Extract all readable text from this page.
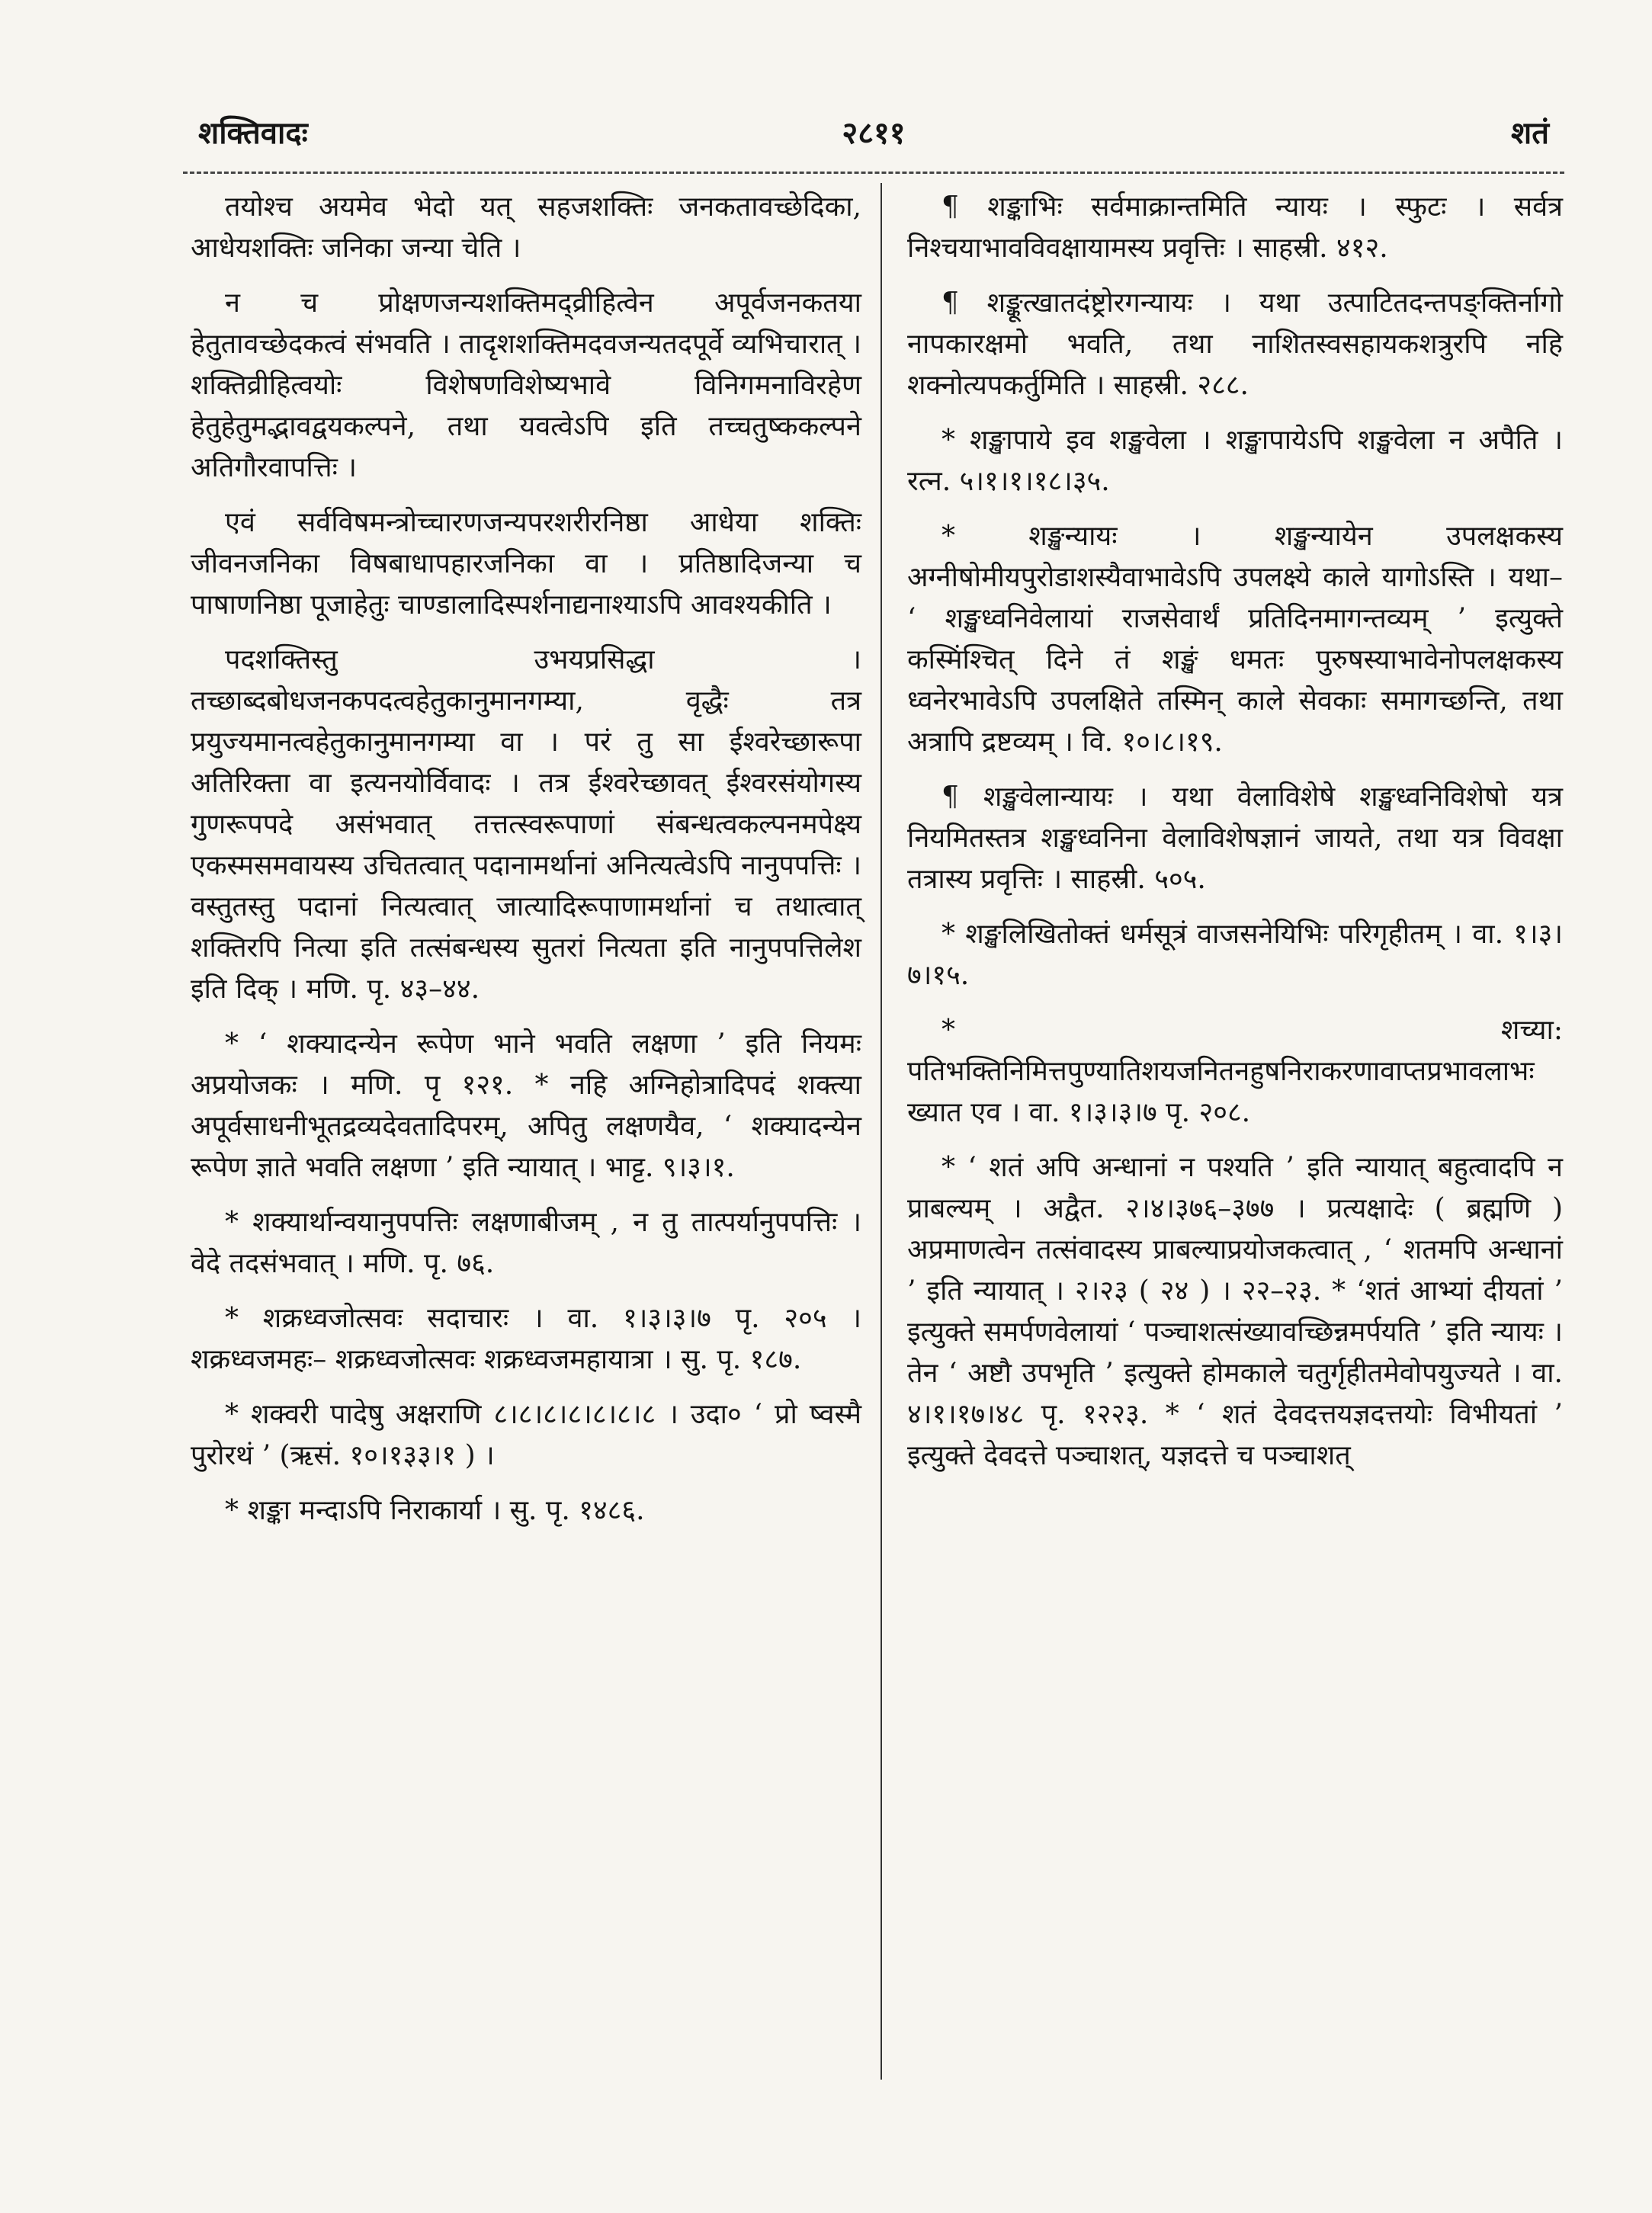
शक्तिवादः	२८११	शतं

तयोश्च अयमेव भेदो यत् सहजशक्तिः जनकतावच्छेदिका, आधेयशक्तिः जनिका जन्या चेति ।

न च प्रोक्षणजन्यशक्तिमद्व्रीहित्वेन अपूर्वजनकतया हेतुतावच्छेदकत्वं संभवति । तादृशशक्तिमदवजन्यतदपूर्वे व्यभिचारात् । शक्तिव्रीहित्वयोः विशेषणविशेष्यभावे विनिगमनाविरहेण हेतुहेतुमद्भावद्वयकल्पने, तथा यवत्वेऽपि इति तच्चतुष्ककल्पने अतिगौरवापत्तिः ।

एवं सर्वविषमन्त्रोच्चारणजन्यपरशरीरनिष्ठा आधेया शक्तिः जीवनजनिका विषबाधापहारजनिका वा । प्रतिष्ठादिजन्या च पाषाणनिष्ठा पूजाहेतुः चाण्डालादिस्पर्शनाद्यनाश्याऽपि आवश्यकीति ।

पदशक्तिस्तु उभयप्रसिद्धा । तच्छाब्दबोधजनकपदत्वहेतुकानुमानगम्या, वृद्धैः तत्र प्रयुज्यमानत्वहेतुकानुमानगम्या वा । परं तु सा ईश्वरेच्छारूपा अतिरिक्ता वा इत्यनयोर्विवादः । तत्र ईश्वरेच्छावत् ईश्वरसंयोगस्य गुणरूपपदे असंभवात् तत्तत्स्वरूपाणां संबन्धत्वकल्पनमपेक्ष्य एकस्मसमवायस्य उचितत्वात् पदानामर्थानां अनित्यत्वेऽपि नानुपपत्तिः । वस्तुतस्तु पदानां नित्यत्वात् जात्यादिरूपाणामर्थानां च तथात्वात् शक्तिरपि नित्या इति तत्संबन्धस्य सुतरां नित्यता इति नानुपपत्तिलेश इति दिक् । मणि. पृ. ४३–४४.

* ‘ शक्यादन्येन रूपेण भाने भवति लक्षणा ’ इति नियमः अप्रयोजकः । मणि. पृ १२१. * नहि अग्निहोत्रादिपदं शक्त्या अपूर्वसाधनीभूतद्रव्यदेवतादिपरम्, अपितु लक्षणयैव, ‘ शक्यादन्येन रूपेण ज्ञाते भवति लक्षणा ’ इति न्यायात् । भाट्ट. ९।३।१.

* शक्यार्थान्वयानुपपत्तिः लक्षणाबीजम् , न तु तात्पर्यानुपपत्तिः । वेदे तदसंभवात् । मणि. पृ. ७६.

* शक्रध्वजोत्सवः सदाचारः । वा. १।३।३।७ पृ. २०५ । शक्रध्वजमहः– शक्रध्वजोत्सवः शक्रध्वजमहायात्रा । सु. पृ. १८७.

* शक्वरी पादेषु अक्षराणि ८।८।८।८।८।८।८ । उदा० ‘ प्रो ष्वस्मै पुरोरथं ’ (ऋसं. १०।१३३।१ ) ।

* शङ्का मन्दाऽपि निराकार्या । सु. पृ. १४८६.

¶ शङ्काभिः सर्वमाक्रान्तमिति न्यायः । स्फुटः । सर्वत्र निश्चयाभावविवक्षायामस्य प्रवृत्तिः । साहस्री. ४१२.

¶ शङ्कूत्खातदंष्ट्रोरगन्यायः । यथा उत्पाटितदन्तपङ्क्तिर्नागो नापकारक्षमो भवति, तथा नाशितस्वसहायकशत्रुरपि नहि शक्नोत्यपकर्तुमिति । साहस्री. २८८.

* शङ्खापाये इव शङ्खवेला । शङ्खापायेऽपि शङ्खवेला न अपैति । रत्न. ५।१।१।१८।३५.

* शङ्खन्यायः । शङ्खन्यायेन उपलक्षकस्य अग्नीषोमीयपुरोडाशस्यैवाभावेऽपि उपलक्ष्ये काले यागोऽस्ति । यथा– ‘ शङ्खध्वनिवेलायां राजसेवार्थं प्रतिदिनमागन्तव्यम् ’ इत्युक्ते कस्मिंश्चित् दिने तं शङ्खं धमतः पुरुषस्याभावेनोपलक्षकस्य ध्वनेरभावेऽपि उपलक्षिते तस्मिन् काले सेवकाः समागच्छन्ति, तथा अत्रापि द्रष्टव्यम् । वि. १०।८।१९.

¶ शङ्खवेलान्यायः । यथा वेलाविशेषे शङ्खध्वनिविशेषो यत्र नियमितस्तत्र शङ्खध्वनिना वेलाविशेषज्ञानं जायते, तथा यत्र विवक्षा तत्रास्य प्रवृत्तिः । साहस्री. ५०५.

* शङ्खलिखितोक्तं धर्मसूत्रं वाजसनेयिभिः परिगृहीतम् । वा. १।३।७।१५.

* शच्या: पतिभक्तिनिमित्तपुण्यातिशयजनितनहुषनिराकरणावाप्तप्रभावलाभः ख्यात एव । वा. १।३।३।७ पृ. २०८.

* ‘ शतं अपि अन्धानां न पश्यति ’ इति न्यायात् बहुत्वादपि न प्राबल्यम् । अद्वैत. २।४।३७६–३७७ । प्रत्यक्षादेः ( ब्रह्मणि ) अप्रमाणत्वेन तत्संवादस्य प्राबल्याप्रयोजकत्वात् , ‘ शतमपि अन्धानां ’ इति न्यायात् । २।२३ ( २४ ) । २२–२३. * ‘शतं आभ्यां दीयतां ’ इत्युक्ते समर्पणवेलायां ‘ पञ्चाशत्संख्यावच्छिन्नमर्पयति ’ इति न्यायः । तेन ‘ अष्टौ उपभृति ’ इत्युक्ते होमकाले चतुर्गृहीतमेवोपयुज्यते । वा. ४।१।१७।४८ पृ. १२२३. * ‘ शतं देवदत्तयज्ञदत्तयोः विभीयतां ’ इत्युक्ते देवदत्ते पञ्चाशत्, यज्ञदत्ते च पञ्चाशत्
